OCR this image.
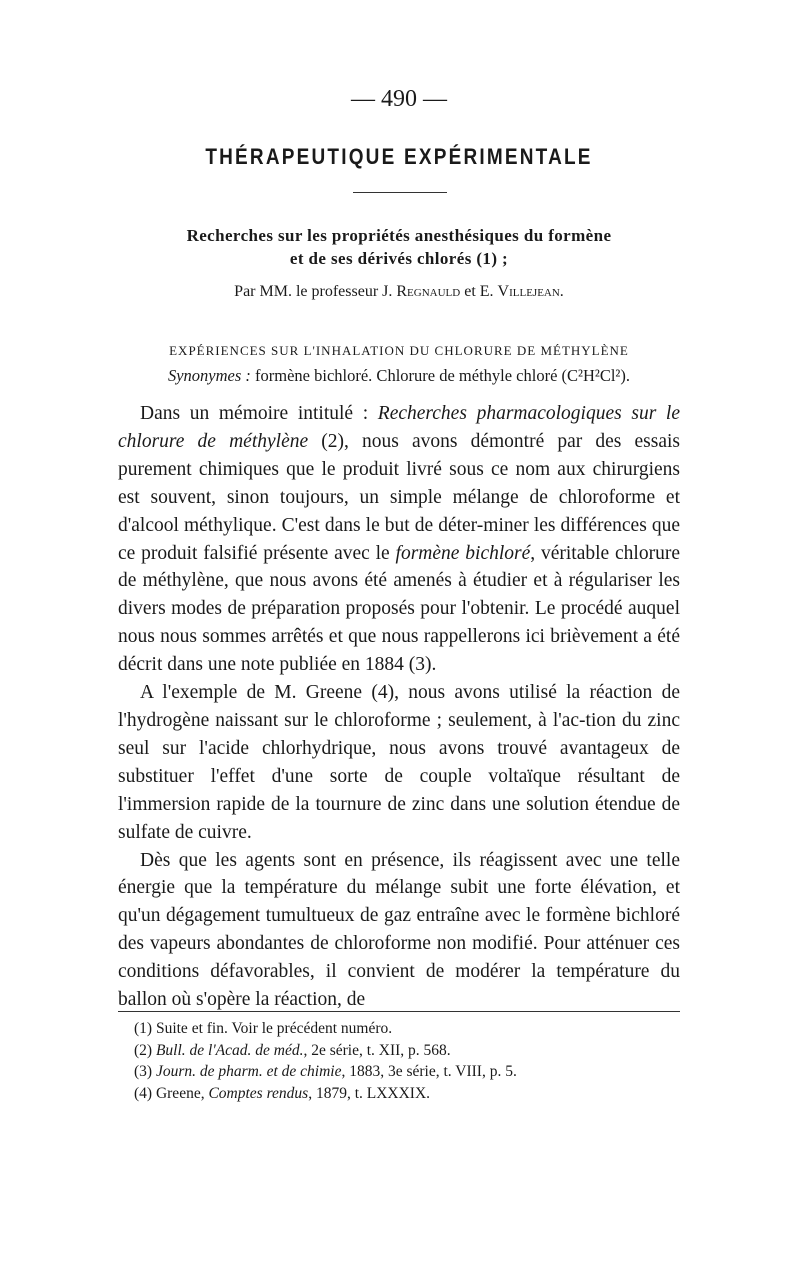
— 490 —
THÉRAPEUTIQUE EXPÉRIMENTALE
Recherches sur les propriétés anesthésiques du formène
et de ses dérivés chlorés (1) ;
Par MM. le professeur J. Regnauld et E. Villejean.
EXPÉRIENCES SUR L'INHALATION DU CHLORURE DE MÉTHYLÈNE
Synonymes : formène bichloré. Chlorure de méthyle chloré (C²H²Cl²).

Dans un mémoire intitulé : Recherches pharmacologiques sur le chlorure de méthylène (2), nous avons démontré par des essais purement chimiques que le produit livré sous ce nom aux chirurgiens est souvent, sinon toujours, un simple mélange de chloroforme et d'alcool méthylique. C'est dans le but de déter-miner les différences que ce produit falsifié présente avec le formène bichloré, véritable chlorure de méthylène, que nous avons été amenés à étudier et à régulariser les divers modes de préparation proposés pour l'obtenir. Le procédé auquel nous nous sommes arrêtés et que nous rappellerons ici brièvement a été décrit dans une note publiée en 1884 (3).

A l'exemple de M. Greene (4), nous avons utilisé la réaction de l'hydrogène naissant sur le chloroforme ; seulement, à l'ac-tion du zinc seul sur l'acide chlorhydrique, nous avons trouvé avantageux de substituer l'effet d'une sorte de couple voltaïque résultant de l'immersion rapide de la tournure de zinc dans une solution étendue de sulfate de cuivre.

Dès que les agents sont en présence, ils réagissent avec une telle énergie que la température du mélange subit une forte élévation, et qu'un dégagement tumultueux de gaz entraîne avec le formène bichloré des vapeurs abondantes de chloroforme non modifié. Pour atténuer ces conditions défavorables, il convient de modérer la température du ballon où s'opère la réaction, de

(1) Suite et fin. Voir le précédent numéro.
(2) Bull. de l'Acad. de méd., 2e série, t. XII, p. 568.
(3) Journ. de pharm. et de chimie, 1883, 3e série, t. VIII, p. 5.
(4) Greene, Comptes rendus, 1879, t. LXXXIX.
